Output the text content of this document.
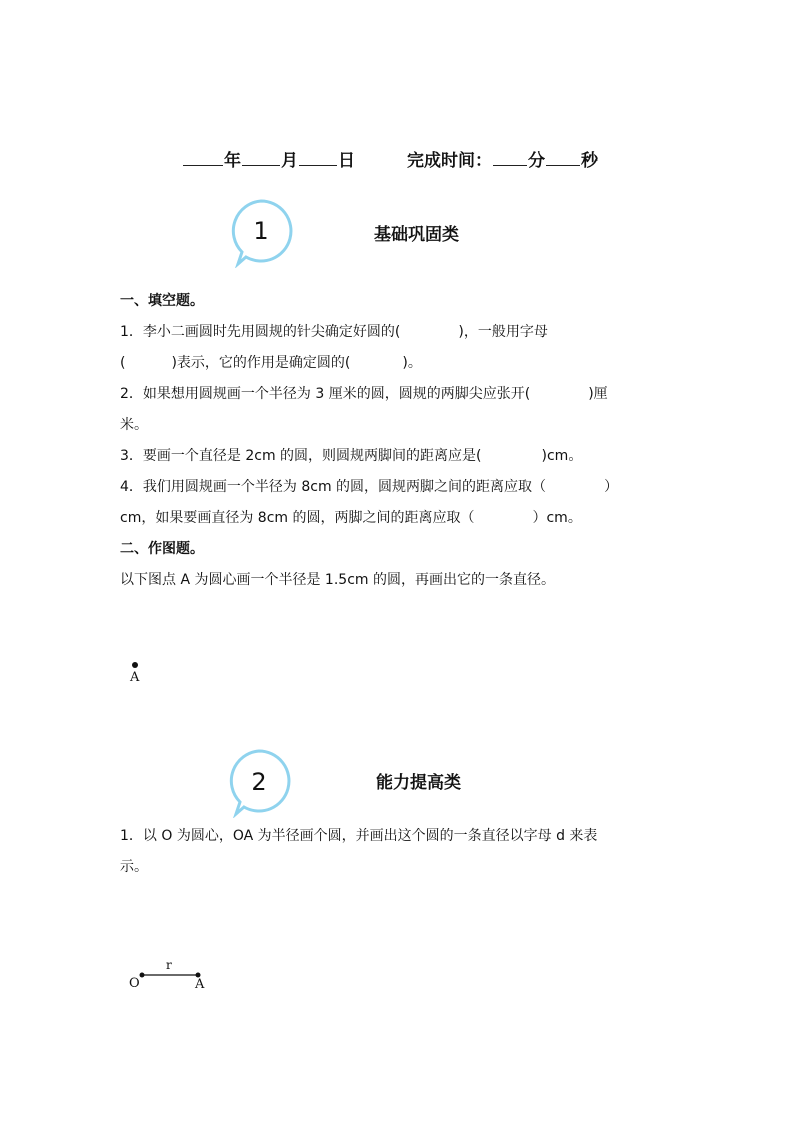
年 月 日	完成时间： 分 秒
1	基础巩固类
一、填空题。
1．李小二画圆时先用圆规的针尖确定好圆的(	)，一般用字母
(	)表示，它的作用是确定圆的(	)。
2．如果想用圆规画一个半径为 3 厘米的圆，圆规的两脚尖应张开(	)厘
米。
3．要画一个直径是 2cm 的圆，则圆规两脚间的距离应是(	)cm。
4．我们用圆规画一个半径为 8cm 的圆，圆规两脚之间的距离应取（	）
cm，如果要画直径为 8cm 的圆，两脚之间的距离应取（	）cm。
二、作图题。
以下图点 A 为圆心画一个半径是 1.5cm 的圆，再画出它的一条直径。
A
2	能力提高类
1．以 O 为圆心，OA 为半径画个圆，并画出这个圆的一条直径以字母 d 来表
示。
r
O	A
